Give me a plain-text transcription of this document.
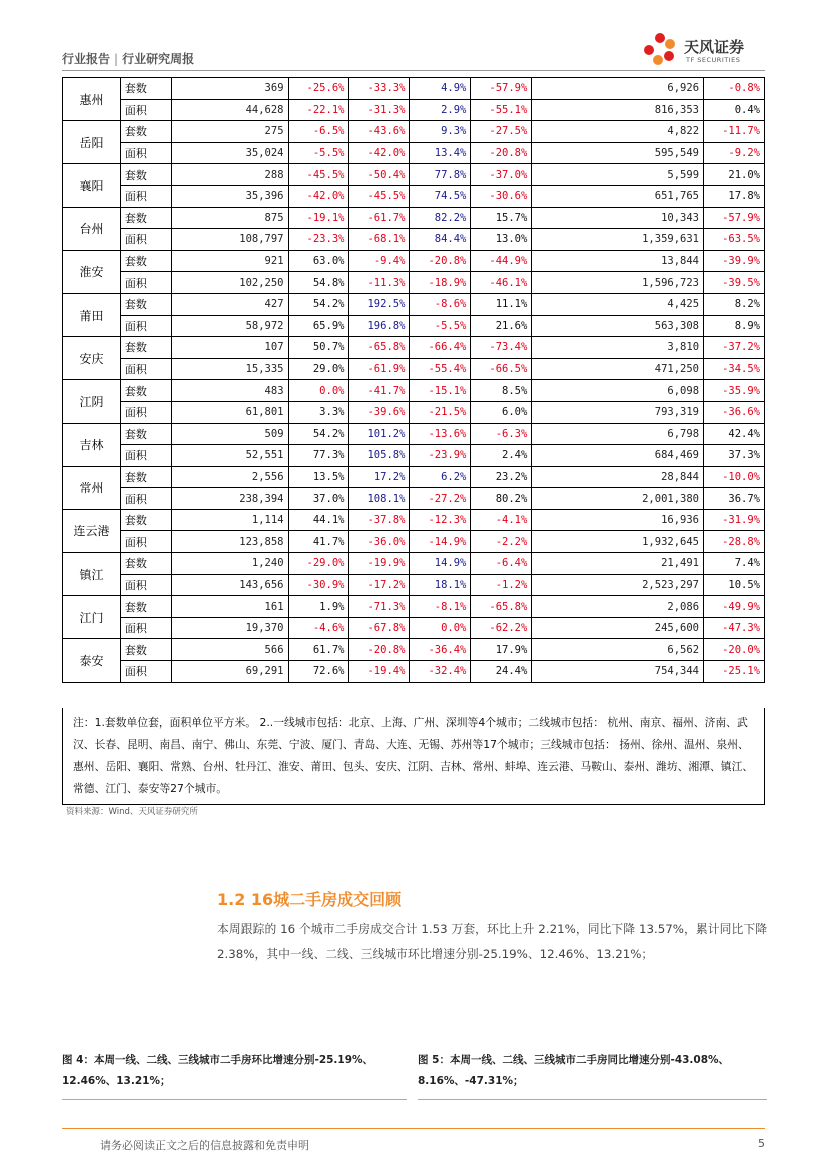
行业报告 | 行业研究周报
天风证券
TF SECURITIES
惠州	套数	369	-25.6%	-33.3%	4.9%	-57.9%	6,926	-0.8%
	面积	44,628	-22.1%	-31.3%	2.9%	-55.1%	816,353	0.4%
岳阳	套数	275	-6.5%	-43.6%	9.3%	-27.5%	4,822	-11.7%
	面积	35,024	-5.5%	-42.0%	13.4%	-20.8%	595,549	-9.2%
襄阳	套数	288	-45.5%	-50.4%	77.8%	-37.0%	5,599	21.0%
	面积	35,396	-42.0%	-45.5%	74.5%	-30.6%	651,765	17.8%
台州	套数	875	-19.1%	-61.7%	82.2%	15.7%	10,343	-57.9%
	面积	108,797	-23.3%	-68.1%	84.4%	13.0%	1,359,631	-63.5%
淮安	套数	921	63.0%	-9.4%	-20.8%	-44.9%	13,844	-39.9%
	面积	102,250	54.8%	-11.3%	-18.9%	-46.1%	1,596,723	-39.5%
莆田	套数	427	54.2%	192.5%	-8.6%	11.1%	4,425	8.2%
	面积	58,972	65.9%	196.8%	-5.5%	21.6%	563,308	8.9%
安庆	套数	107	50.7%	-65.8%	-66.4%	-73.4%	3,810	-37.2%
	面积	15,335	29.0%	-61.9%	-55.4%	-66.5%	471,250	-34.5%
江阴	套数	483	0.0%	-41.7%	-15.1%	8.5%	6,098	-35.9%
	面积	61,801	3.3%	-39.6%	-21.5%	6.0%	793,319	-36.6%
吉林	套数	509	54.2%	101.2%	-13.6%	-6.3%	6,798	42.4%
	面积	52,551	77.3%	105.8%	-23.9%	2.4%	684,469	37.3%
常州	套数	2,556	13.5%	17.2%	6.2%	23.2%	28,844	-10.0%
	面积	238,394	37.0%	108.1%	-27.2%	80.2%	2,001,380	36.7%
连云港	套数	1,114	44.1%	-37.8%	-12.3%	-4.1%	16,936	-31.9%
	面积	123,858	41.7%	-36.0%	-14.9%	-2.2%	1,932,645	-28.8%
镇江	套数	1,240	-29.0%	-19.9%	14.9%	-6.4%	21,491	7.4%
	面积	143,656	-30.9%	-17.2%	18.1%	-1.2%	2,523,297	10.5%
江门	套数	161	1.9%	-71.3%	-8.1%	-65.8%	2,086	-49.9%
	面积	19,370	-4.6%	-67.8%	0.0%	-62.2%	245,600	-47.3%
泰安	套数	566	61.7%	-20.8%	-36.4%	17.9%	6,562	-20.0%
	面积	69,291	72.6%	-19.4%	-32.4%	24.4%	754,344	-25.1%
注：1.套数单位套，面积单位平方米。 2..一线城市包括：北京、上海、广州、深圳等4个城市；二线城市包括： 杭州、南京、福州、济南、武汉、长春、昆明、南昌、南宁、佛山、东莞、宁波、厦门、青岛、大连、无锡、苏州等17个城市；三线城市包括： 扬州、徐州、温州、泉州、惠州、岳阳、襄阳、常熟、台州、牡丹江、淮安、莆田、包头、安庆、江阴、吉林、常州、蚌埠、连云港、马鞍山、泰州、潍坊、湘潭、镇江、常德、江门、泰安等27个城市。
资料来源：Wind、天风证券研究所
1.2 16城二手房成交回顾
本周跟踪的 16 个城市二手房成交合计 1.53 万套，环比上升 2.21%，同比下降 13.57%，累计同比下降 2.38%，其中一线、二线、三线城市环比增速分别-25.19%、12.46%、13.21%；
图 4：本周一线、二线、三线城市二手房环比增速分别-25.19%、12.46%、13.21%；
图 5：本周一线、二线、三线城市二手房同比增速分别-43.08%、8.16%、-47.31%；
请务必阅读正文之后的信息披露和免责申明	5
